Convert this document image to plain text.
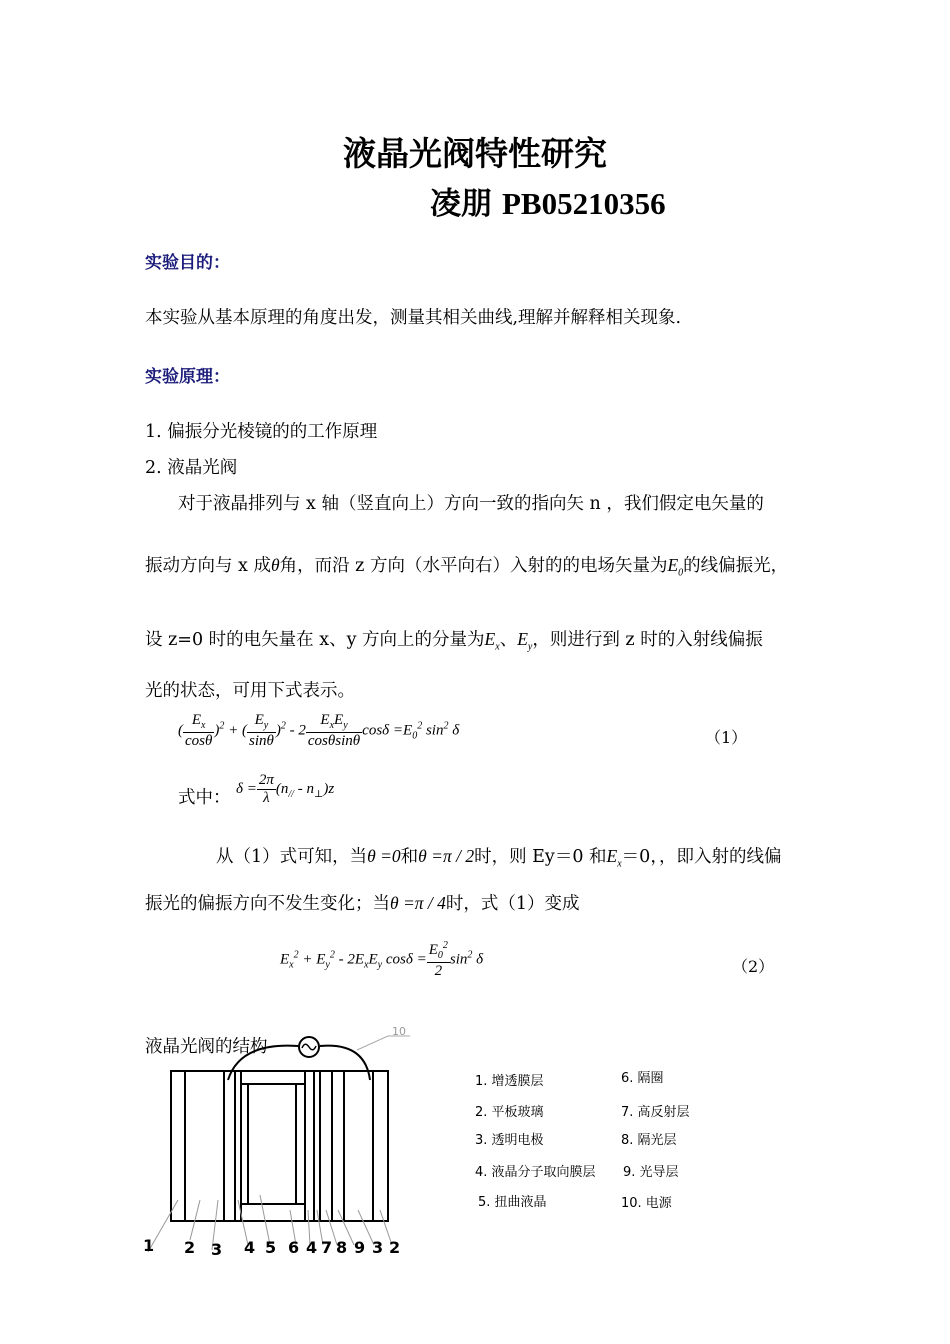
液晶光阀特性研究
凌朋 PB05210356
实验目的：
本实验从基本原理的角度出发，测量其相关曲线,理解并解释相关现象.
实验原理：
1. 偏振分光棱镜的的工作原理
2. 液晶光阀
对于液晶排列与 x 轴（竖直向上）方向一致的指向矢 n ，我们假定电矢量的
振动方向与 x 成θ角，而沿 z 方向（水平向右）入射的的电场矢量为$E_0$的线偏振光，
设 z=0 时的电矢量在 x、y 方向上的分量为$E_x$、$E_y$，则进行到 z 时的入射线偏振
光的状态，可用下式表示。
( $\frac{E_x}{\cos\theta} )^2$ + ( $\frac{E_y}{\sin\theta} )^2 - 2 \frac{E_xE_y}{\cos\theta\sin\theta}$ $\cos\delta =E_0^2$ $\sin^2 \delta$	（1）
式中： $\delta = \frac{2\pi}{\lambda} (n_{//} - n_\perp)z$
从（1）式可知，当θ =0和θ =π / 2时，则 Ey＝0 和$E_x=0$，，即入射的线偏
振光的偏振方向不发生变化；当θ =π / 4时，式（1）变成
$E_x^2 + E_y^2 - 2E_xE_y$ $\cos\delta = \frac{E_0^2}{2} \sin^2 \delta$	（2）
液晶光阀的结构
10
1 2 3 4 5 6 4 7 8 9 3 2
1. 增透膜层
2. 平板玻璃
3. 透明电极
4. 液晶分子取向膜层
5. 扭曲液晶
6. 隔圈
7. 高反射层
8. 隔光层
9. 光导层
10. 电源
